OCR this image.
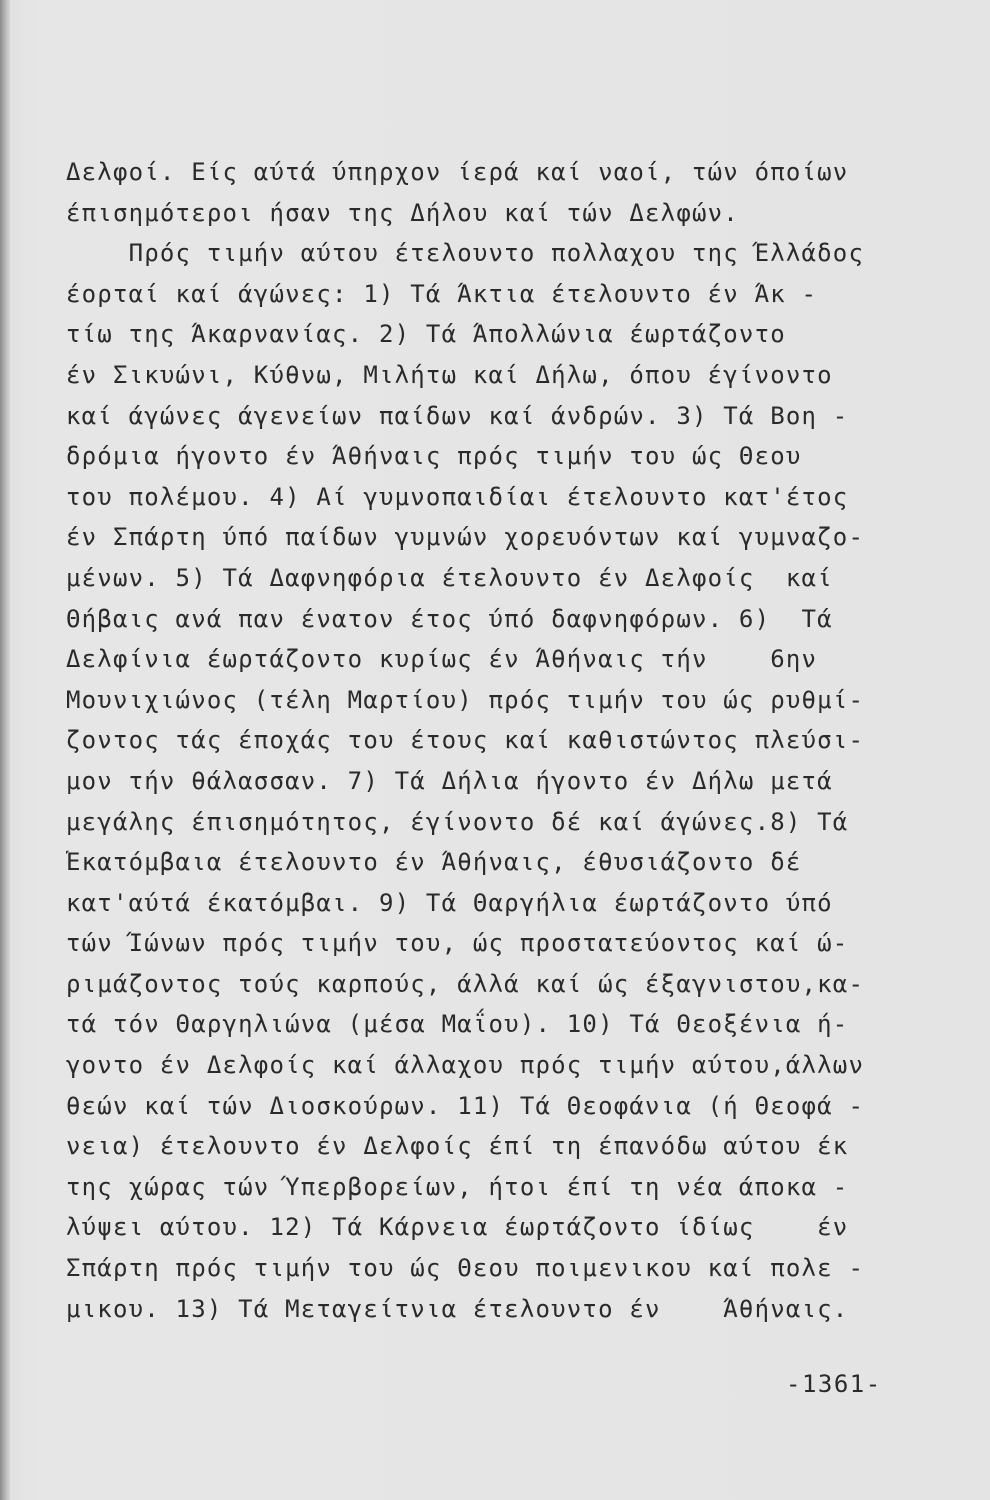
Δελφοί. Είς αύτά ύπηρχον ίερά καί ναοί, τών όποίων
έπισημότεροι ήσαν της Δήλου καί τών Δελφών.
Πρός τιμήν αύτου έτελουντο πολλαχου της Έλλάδος
έορταί καί άγώνες: 1) Τά Άκτια έτελουντο έν Άκ -
τίω της Άκαρνανίας. 2) Τά Άπολλώνια έωρτάζοντο
έν Σικυώνι, Κύθνω, Μιλήτω καί Δήλω, όπου έγίνοντο
καί άγώνες άγενείων παίδων καί άνδρών. 3) Τά Βοη -
δρόμια ήγοντο έν Άθήναις πρός τιμήν του ώς Θεου
του πολέμου. 4) Αί γυμνοπαιδίαι έτελουντο κατ'έτος
έν Σπάρτη ύπό παίδων γυμνών χορευόντων καί γυμναζο-
μένων. 5) Τά Δαφνηφόρια έτελουντο έν Δελφοίς  καί
Θήβαις ανά παν ένατον έτος ύπό δαφνηφόρων. 6)  Τά
Δελφίνια έωρτάζοντο κυρίως έν Άθήναις τήν    6ην
Μουνιχιώνος (τέλη Μαρτίου) πρός τιμήν του ώς ρυθμί-
ζοντος τάς έποχάς του έτους καί καθιστώντος πλεύσι-
μον τήν θάλασσαν. 7) Τά Δήλια ήγοντο έν Δήλω μετά
μεγάλης έπισημότητος, έγίνοντο δέ καί άγώνες.8) Τά
Έκατόμβαια έτελουντο έν Άθήναις, έθυσιάζοντο δέ
κατ'αύτά έκατόμβαι. 9) Τά Θαργήλια έωρτάζοντο ύπό
τών Ίώνων πρός τιμήν του, ώς προστατεύοντος καί ώ-
ριμάζοντος τούς καρπούς, άλλά καί ώς έξαγνιστου,κα-
τά τόν Θαργηλιώνα (μέσα Μαΐου). 10) Τά Θεοξένια ή-
γοντο έν Δελφοίς καί άλλαχου πρός τιμήν αύτου,άλλων
θεών καί τών Διοσκούρων. 11) Τά Θεοφάνια (ή Θεοφά -
νεια) έτελουντο έν Δελφοίς έπί τη έπανόδω αύτου έκ
της χώρας τών Ύπερβορείων, ήτοι έπί τη νέα άποκα -
λύψει αύτου. 12) Τά Κάρνεια έωρτάζοντο ίδίως    έν
Σπάρτη πρός τιμήν του ώς Θεου ποιμενικου καί πολε -
μικου. 13) Τά Μεταγείτνια έτελουντο έν    Άθήναις.
-1361-
